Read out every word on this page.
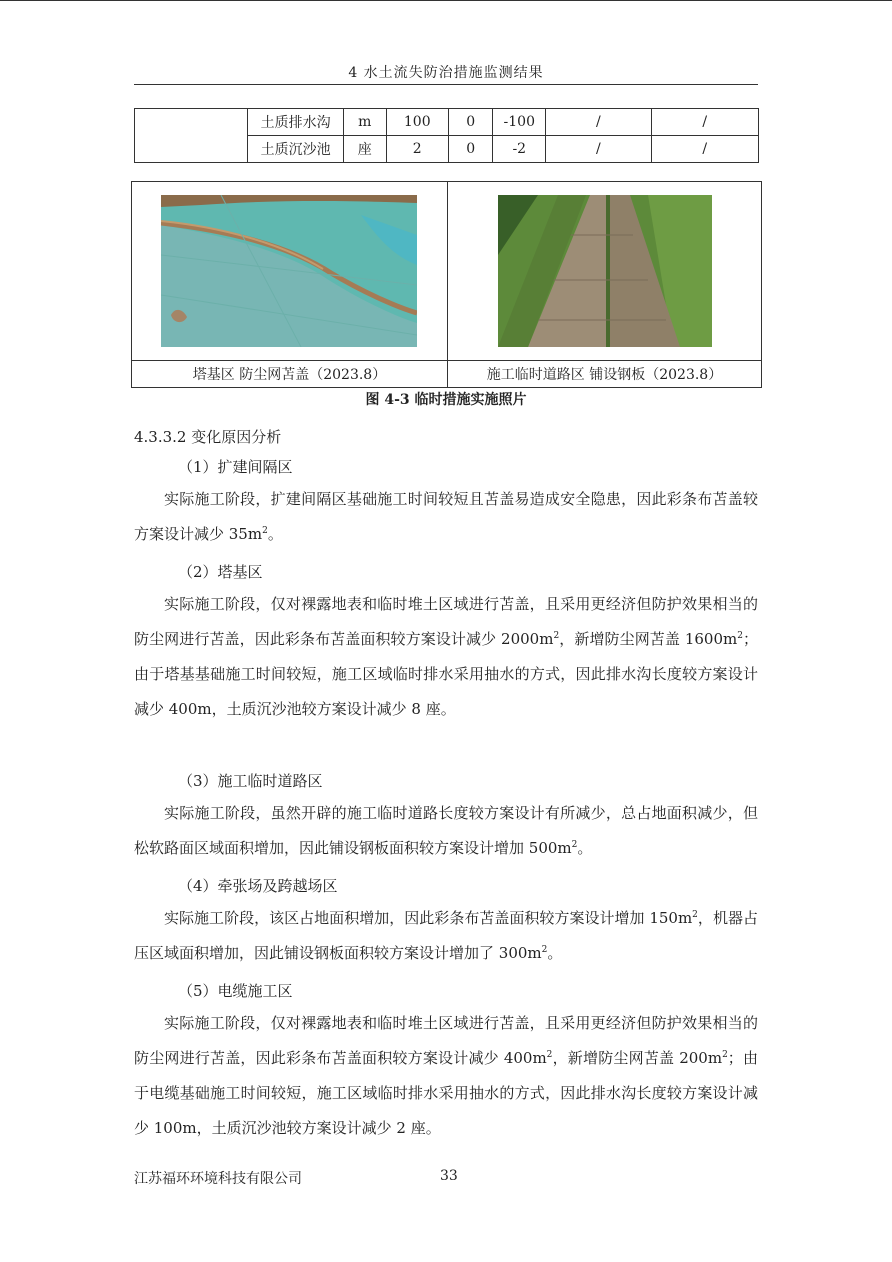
4 水土流失防治措施监测结果
	土质排水沟	m	100	0	-100	/	/
	土质沉沙池	座	2	0	-2	/	/
塔基区 防尘网苫盖（2023.8）	施工临时道路区 铺设钢板（2023.8）
图 4-3 临时措施实施照片
4.3.3.2 变化原因分析
（1）扩建间隔区

实际施工阶段，扩建间隔区基础施工时间较短且苫盖易造成安全隐患，因此彩条布苫盖较方案设计减少 $35m^2$。

（2）塔基区

实际施工阶段，仅对裸露地表和临时堆土区域进行苫盖，且采用更经济但防护效果相当的防尘网进行苫盖，因此彩条布苫盖面积较方案设计减少 $2000m^2$，新增防尘网苫盖 $1600m^2$；由于塔基基础施工时间较短，施工区域临时排水采用抽水的方式，因此排水沟长度较方案设计减少 400m，土质沉沙池较方案设计减少 8 座。

（3）施工临时道路区

实际施工阶段，虽然开辟的施工临时道路长度较方案设计有所减少，总占地面积减少，但松软路面区域面积增加，因此铺设钢板面积较方案设计增加 $500m^2$。

（4）牵张场及跨越场区

实际施工阶段，该区占地面积增加，因此彩条布苫盖面积较方案设计增加 $150m^2$，机器占压区域面积增加，因此铺设钢板面积较方案设计增加了 $300m^2$。

（5）电缆施工区

实际施工阶段，仅对裸露地表和临时堆土区域进行苫盖，且采用更经济但防护效果相当的防尘网进行苫盖，因此彩条布苫盖面积较方案设计减少 $400m^2$，新增防尘网苫盖 $200m^2$；由于电缆基础施工时间较短，施工区域临时排水采用抽水的方式，因此排水沟长度较方案设计减少 100m，土质沉沙池较方案设计减少 2 座。

江苏福环环境科技有限公司	33
